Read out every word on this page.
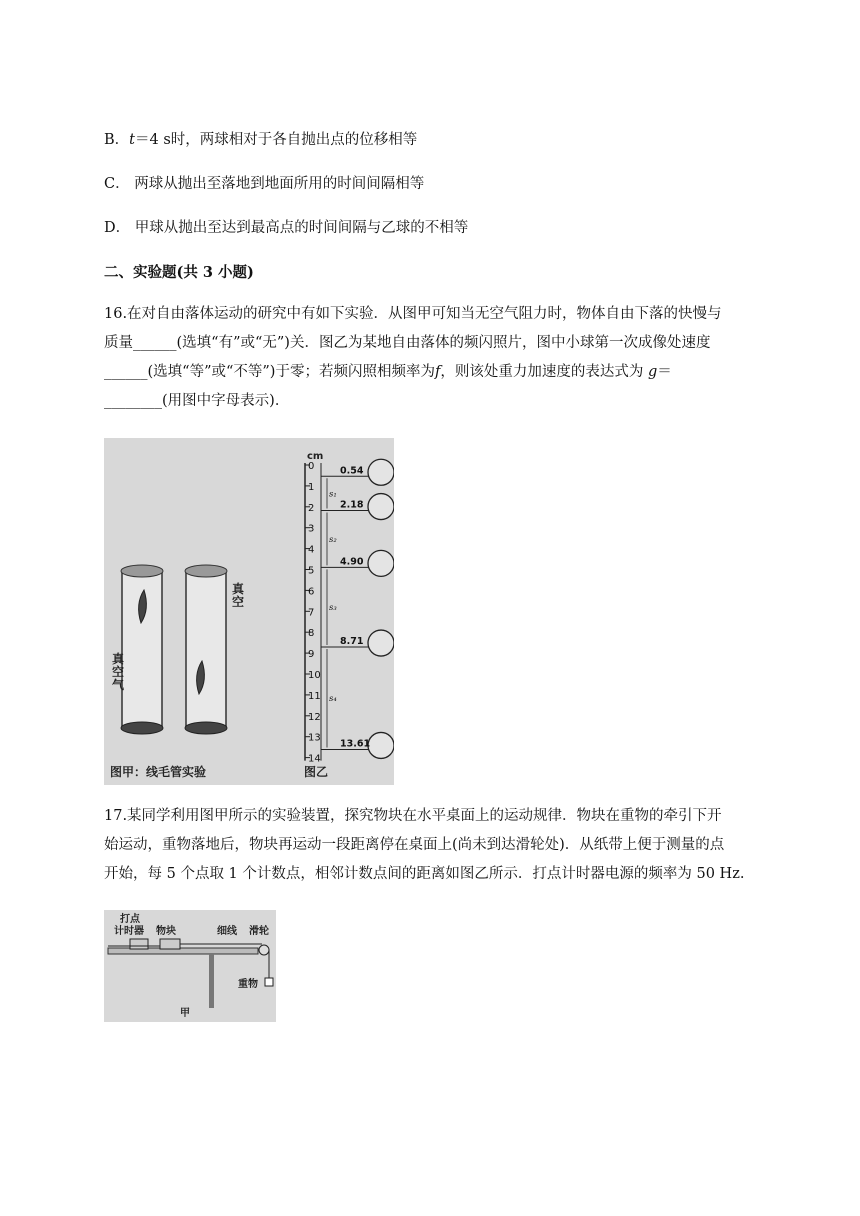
B．t＝4 s时，两球相对于各自抛出点的位移相等
C． 两球从抛出至落地到地面所用的时间间隔相等
D． 甲球从抛出至达到最高点的时间间隔与乙球的不相等
二、实验题(共 3 小题)

16.在对自由落体运动的研究中有如下实验．从图甲可知当无空气阻力时，物体自由下落的快慢与

质量______(选填“有”或“无”)关．图乙为某地自由落体的频闪照片，图中小球第一次成像处速度

______(选填“等”或“不等”)于零；若频闪照相频率为f，则该处重力加速度的表达式为 g＝

________(用图中字母表示)．

真空气
真空
图甲：线毛管实验	图乙
cm
0
1
2
3
4
5
6
7
8
9
10
11
12
13
14
0.54
2.18
4.90
8.71
13.61
s₁
s₂
s₃
s₄

17.某同学利用图甲所示的实验装置，探究物块在水平桌面上的运动规律．物块在重物的牵引下开

始运动，重物落地后，物块再运动一段距离停在桌面上(尚未到达滑轮处)．从纸带上便于测量的点

开始，每 5 个点取 1 个计数点，相邻计数点间的距离如图乙所示．打点计时器电源的频率为 50 Hz.

打点
计时器 物块	细线 滑轮
重物
甲
